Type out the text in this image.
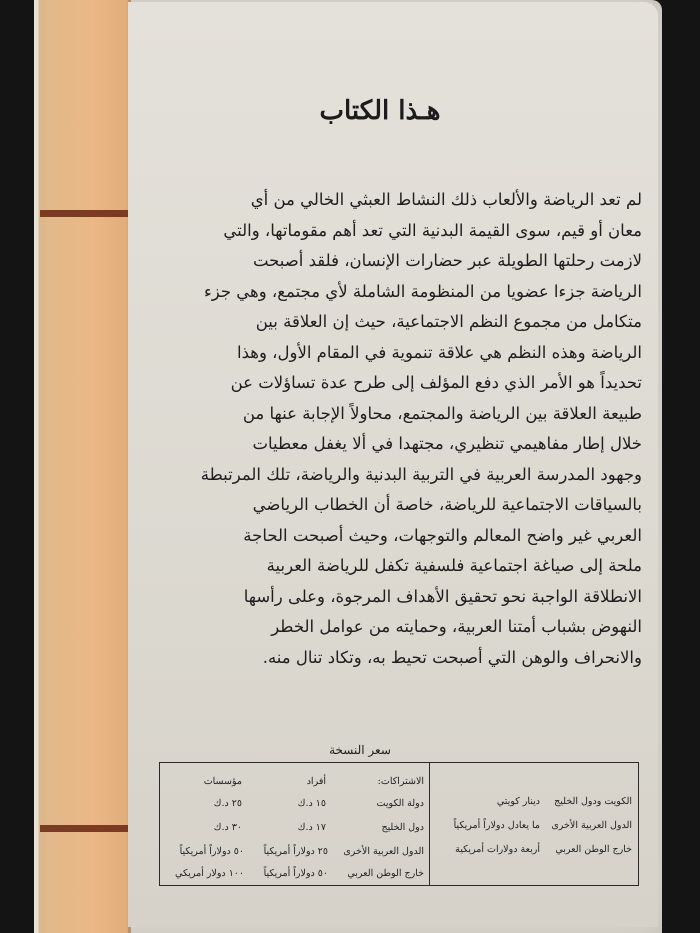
هـذا الكتاب
لم تعد الرياضة والألعاب ذلك النشاط العبثي الخالي من أي
معان أو قيم، سوى القيمة البدنية التي تعد أهم مقوماتها، والتي
لازمت رحلتها الطويلة عبر حضارات الإنسان، فلقد أصبحت
الرياضة جزءا عضويا من المنظومة الشاملة لأي مجتمع، وهي جزء
متكامل من مجموع النظم الاجتماعية، حيث إن العلاقة بين
الرياضة وهذه النظم هي علاقة تنموية في المقام الأول، وهذا
تحديداً هو الأمر الذي دفع المؤلف إلى طرح عدة تساؤلات عن
طبيعة العلاقة بين الرياضة والمجتمع، محاولاً الإجابة عنها من
خلال إطار مفاهيمي تنظيري، مجتهدا في ألا يغفل معطيات
وجهود المدرسة العربية في التربية البدنية والرياضة، تلك المرتبطة
بالسياقات الاجتماعية للرياضة، خاصة أن الخطاب الرياضي
العربي غير واضح المعالم والتوجهات، وحيث أصبحت الحاجة
ملحة إلى صياغة اجتماعية فلسفية تكفل للرياضة العربية
الانطلاقة الواجبة نحو تحقيق الأهداف المرجوة، وعلى رأسها
النهوض بشباب أمتنا العربية، وحمايته من عوامل الخطر
والانحراف والوهن التي أصبحت تحيط به، وتكاد تنال منه.
سعر النسخة
الكويت ودول الخليج
الدول العربية الأخرى
خارج الوطن العربي
دينار كويتي
ما يعادل دولاراً أمريكياً
أربعة دولارات أمريكية
الاشتراكات:
دولة الكويت
دول الخليج
الدول العربية الأخرى
خارج الوطن العربي
أفراد
١٥ د.ك
١٧ د.ك
٢٥ دولاراً أمريكياً
٥٠ دولاراً أمريكياً
مؤسسات
٢٥ د.ك
٣٠ د.ك
٥٠ دولاراً أمريكياً
١٠٠ دولار أمريكي
